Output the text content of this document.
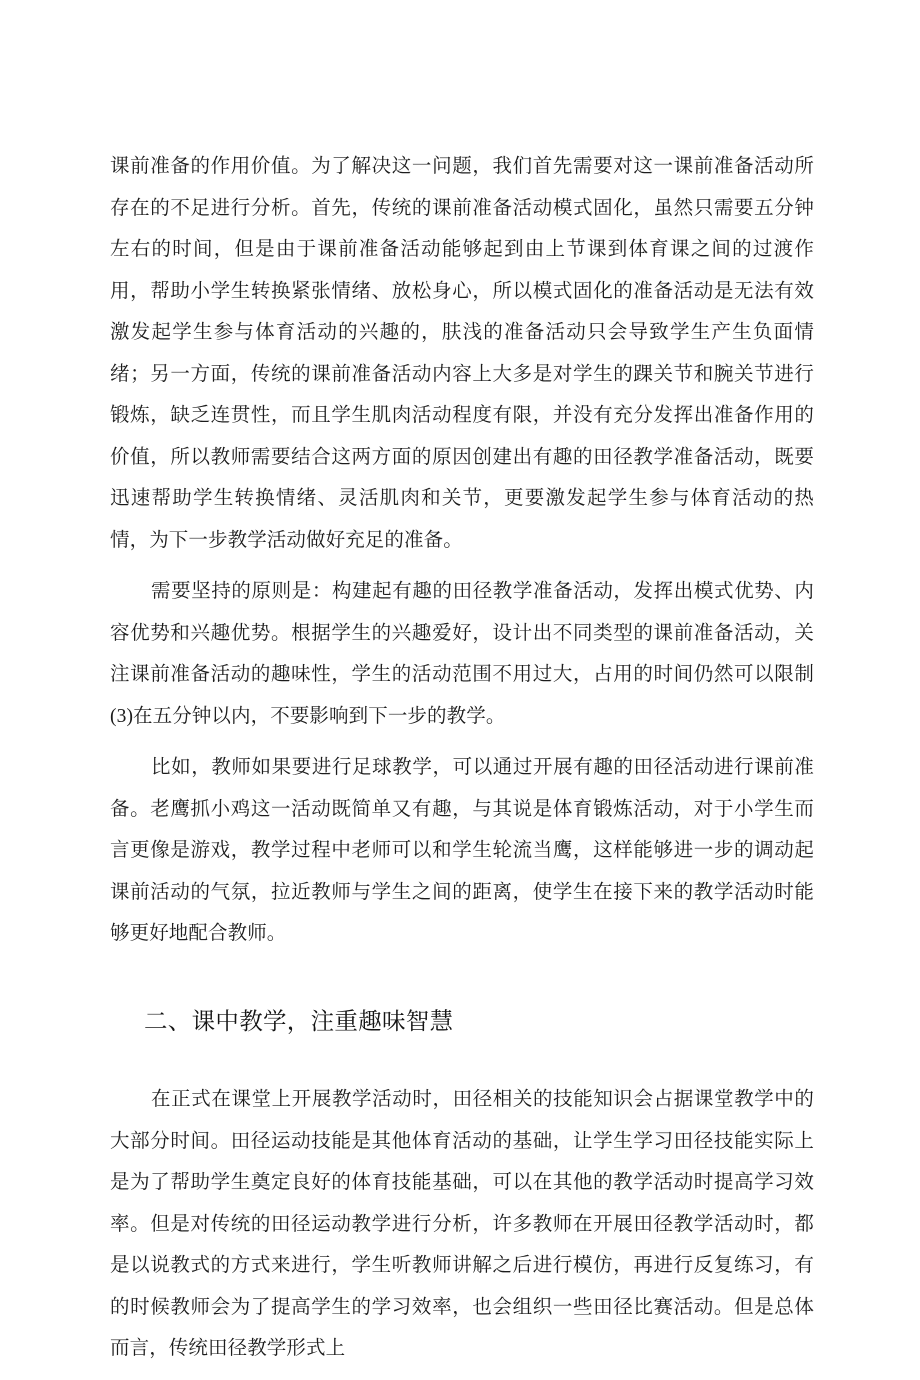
课前准备的作用价值。为了解决这一问题，我们首先需要对这一课前准备活动所存在的不足进行分析。首先，传统的课前准备活动模式固化，虽然只需要五分钟左右的时间，但是由于课前准备活动能够起到由上节课到体育课之间的过渡作用，帮助小学生转换紧张情绪、放松身心，所以模式固化的准备活动是无法有效激发起学生参与体育活动的兴趣的，肤浅的准备活动只会导致学生产生负面情绪；另一方面，传统的课前准备活动内容上大多是对学生的踝关节和腕关节进行锻炼，缺乏连贯性，而且学生肌肉活动程度有限，并没有充分发挥出准备作用的价值，所以教师需要结合这两方面的原因创建出有趣的田径教学准备活动，既要迅速帮助学生转换情绪、灵活肌肉和关节，更要激发起学生参与体育活动的热情，为下一步教学活动做好充足的准备。

需要坚持的原则是：构建起有趣的田径教学准备活动，发挥出模式优势、内容优势和兴趣优势。根据学生的兴趣爱好，设计出不同类型的课前准备活动，关注课前准备活动的趣味性，学生的活动范围不用过大，占用的时间仍然可以限制(3)在五分钟以内，不要影响到下一步的教学。

比如，教师如果要进行足球教学，可以通过开展有趣的田径活动进行课前准备。老鹰抓小鸡这一活动既简单又有趣，与其说是体育锻炼活动，对于小学生而言更像是游戏，教学过程中老师可以和学生轮流当鹰，这样能够进一步的调动起课前活动的气氛，拉近教师与学生之间的距离，使学生在接下来的教学活动时能够更好地配合教师。

二、课中教学，注重趣味智慧

在正式在课堂上开展教学活动时，田径相关的技能知识会占据课堂教学中的大部分时间。田径运动技能是其他体育活动的基础，让学生学习田径技能实际上是为了帮助学生奠定良好的体育技能基础，可以在其他的教学活动时提高学习效率。但是对传统的田径运动教学进行分析，许多教师在开展田径教学活动时，都是以说教式的方式来进行，学生听教师讲解之后进行模仿，再进行反复练习，有的时候教师会为了提高学生的学习效率，也会组织一些田径比赛活动。但是总体而言，传统田径教学形式上
